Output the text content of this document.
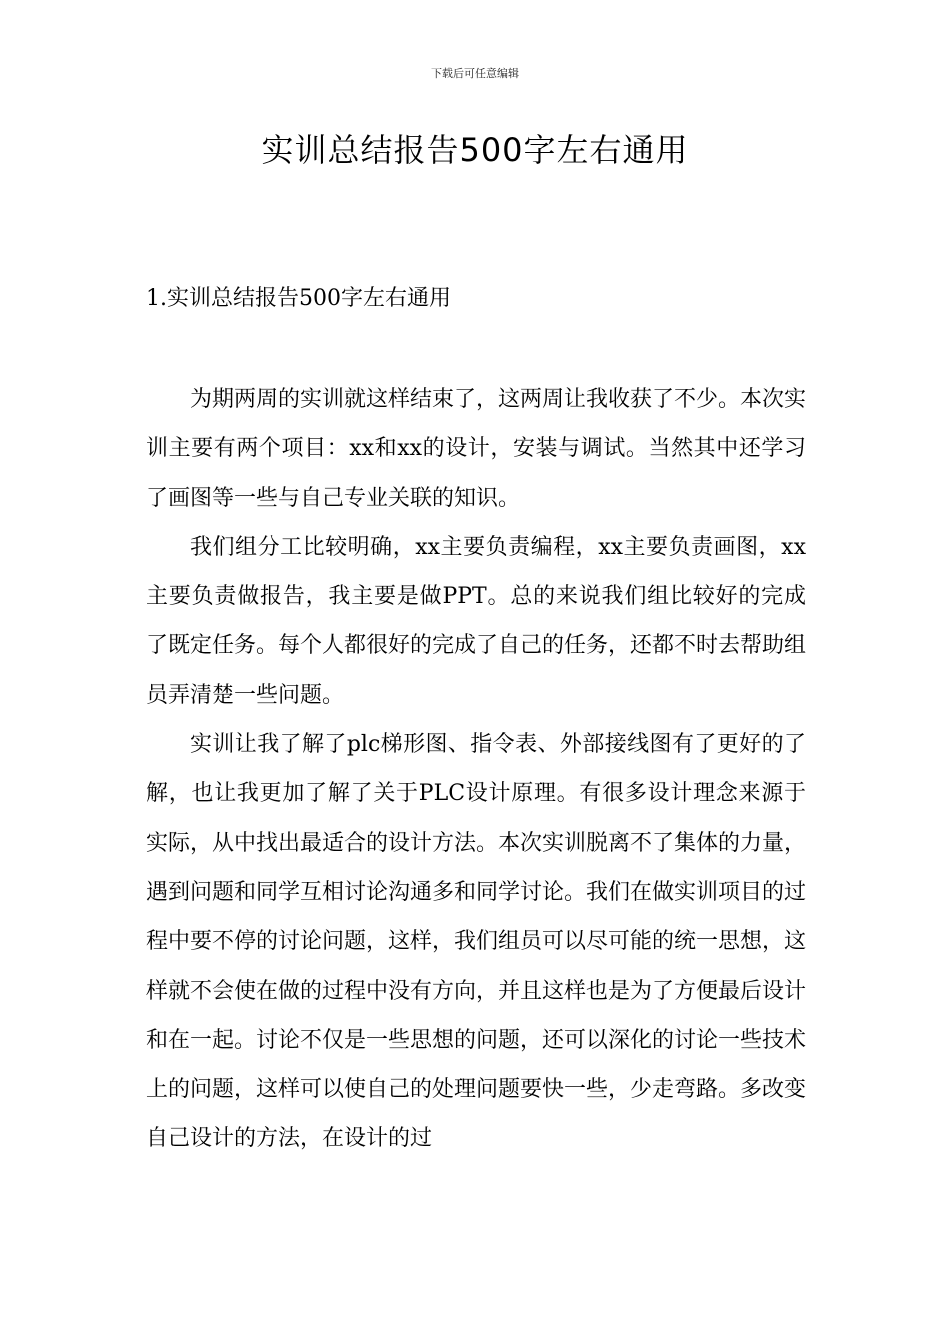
下载后可任意编辑
实训总结报告500字左右通用
1.实训总结报告500字左右通用

为期两周的实训就这样结束了，这两周让我收获了不少。本次实训主要有两个项目：xx和xx的设计，安装与调试。当然其中还学习了画图等一些与自己专业关联的知识。

我们组分工比较明确，xx主要负责编程，xx主要负责画图，xx主要负责做报告，我主要是做PPT。总的来说我们组比较好的完成了既定任务。每个人都很好的完成了自己的任务，还都不时去帮助组员弄清楚一些问题。

实训让我了解了plc梯形图、指令表、外部接线图有了更好的了解，也让我更加了解了关于PLC设计原理。有很多设计理念来源于实际，从中找出最适合的设计方法。本次实训脱离不了集体的力量，遇到问题和同学互相讨论沟通多和同学讨论。我们在做实训项目的过程中要不停的讨论问题，这样，我们组员可以尽可能的统一思想，这样就不会使在做的过程中没有方向，并且这样也是为了方便最后设计和在一起。讨论不仅是一些思想的问题，还可以深化的讨论一些技术上的问题，这样可以使自己的处理问题要快一些，少走弯路。多改变自己设计的方法，在设计的过
